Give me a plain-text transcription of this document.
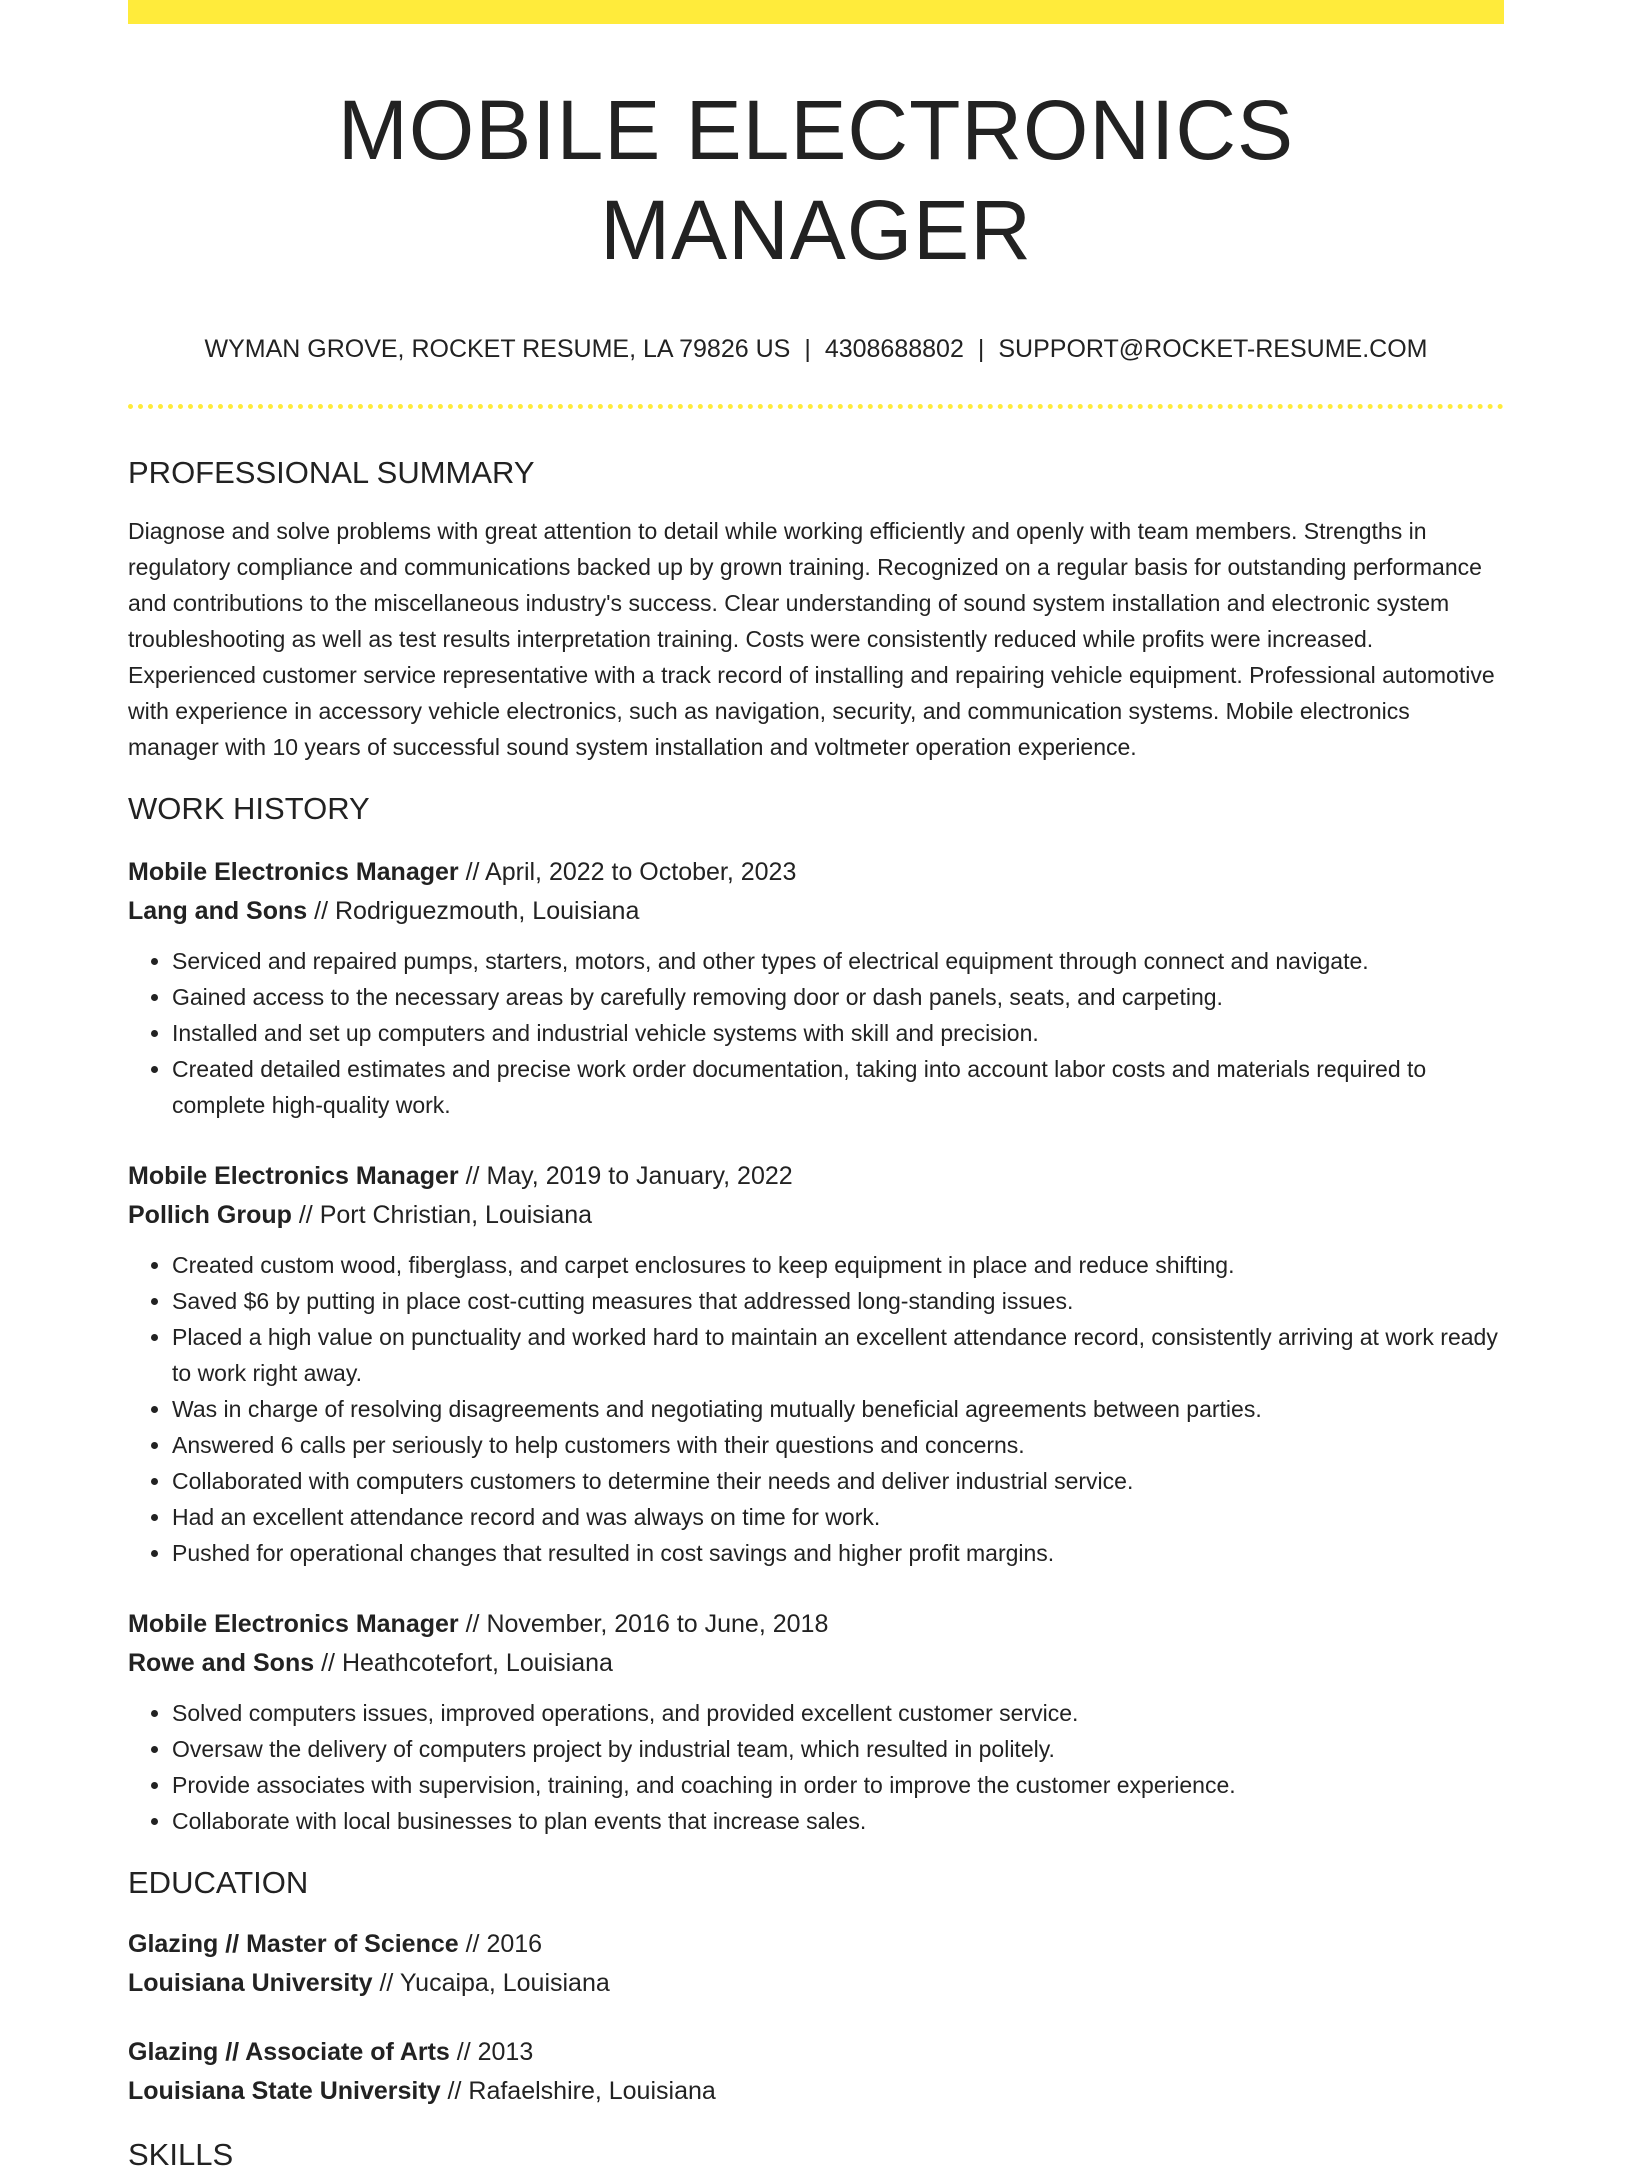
MOBILE ELECTRONICS MANAGER
WYMAN GROVE, ROCKET RESUME, LA 79826 US | 4308688802 | SUPPORT@ROCKET-RESUME.COM
PROFESSIONAL SUMMARY
Diagnose and solve problems with great attention to detail while working efficiently and openly with team members. Strengths in regulatory compliance and communications backed up by grown training. Recognized on a regular basis for outstanding performance and contributions to the miscellaneous industry's success. Clear understanding of sound system installation and electronic system troubleshooting as well as test results interpretation training. Costs were consistently reduced while profits were increased. Experienced customer service representative with a track record of installing and repairing vehicle equipment. Professional automotive with experience in accessory vehicle electronics, such as navigation, security, and communication systems. Mobile electronics manager with 10 years of successful sound system installation and voltmeter operation experience.
WORK HISTORY
Mobile Electronics Manager // April, 2022 to October, 2023
Lang and Sons // Rodriguezmouth, Louisiana
• Serviced and repaired pumps, starters, motors, and other types of electrical equipment through connect and navigate.
• Gained access to the necessary areas by carefully removing door or dash panels, seats, and carpeting.
• Installed and set up computers and industrial vehicle systems with skill and precision.
• Created detailed estimates and precise work order documentation, taking into account labor costs and materials required to complete high-quality work.
Mobile Electronics Manager // May, 2019 to January, 2022
Pollich Group // Port Christian, Louisiana
• Created custom wood, fiberglass, and carpet enclosures to keep equipment in place and reduce shifting.
• Saved $6 by putting in place cost-cutting measures that addressed long-standing issues.
• Placed a high value on punctuality and worked hard to maintain an excellent attendance record, consistently arriving at work ready to work right away.
• Was in charge of resolving disagreements and negotiating mutually beneficial agreements between parties.
• Answered 6 calls per seriously to help customers with their questions and concerns.
• Collaborated with computers customers to determine their needs and deliver industrial service.
• Had an excellent attendance record and was always on time for work.
• Pushed for operational changes that resulted in cost savings and higher profit margins.
Mobile Electronics Manager // November, 2016 to June, 2018
Rowe and Sons // Heathcotefort, Louisiana
• Solved computers issues, improved operations, and provided excellent customer service.
• Oversaw the delivery of computers project by industrial team, which resulted in politely.
• Provide associates with supervision, training, and coaching in order to improve the customer experience.
• Collaborate with local businesses to plan events that increase sales.
EDUCATION
Glazing // Master of Science // 2016
Louisiana University // Yucaipa, Louisiana
Glazing // Associate of Arts // 2013
Louisiana State University // Rafaelshire, Louisiana
SKILLS
